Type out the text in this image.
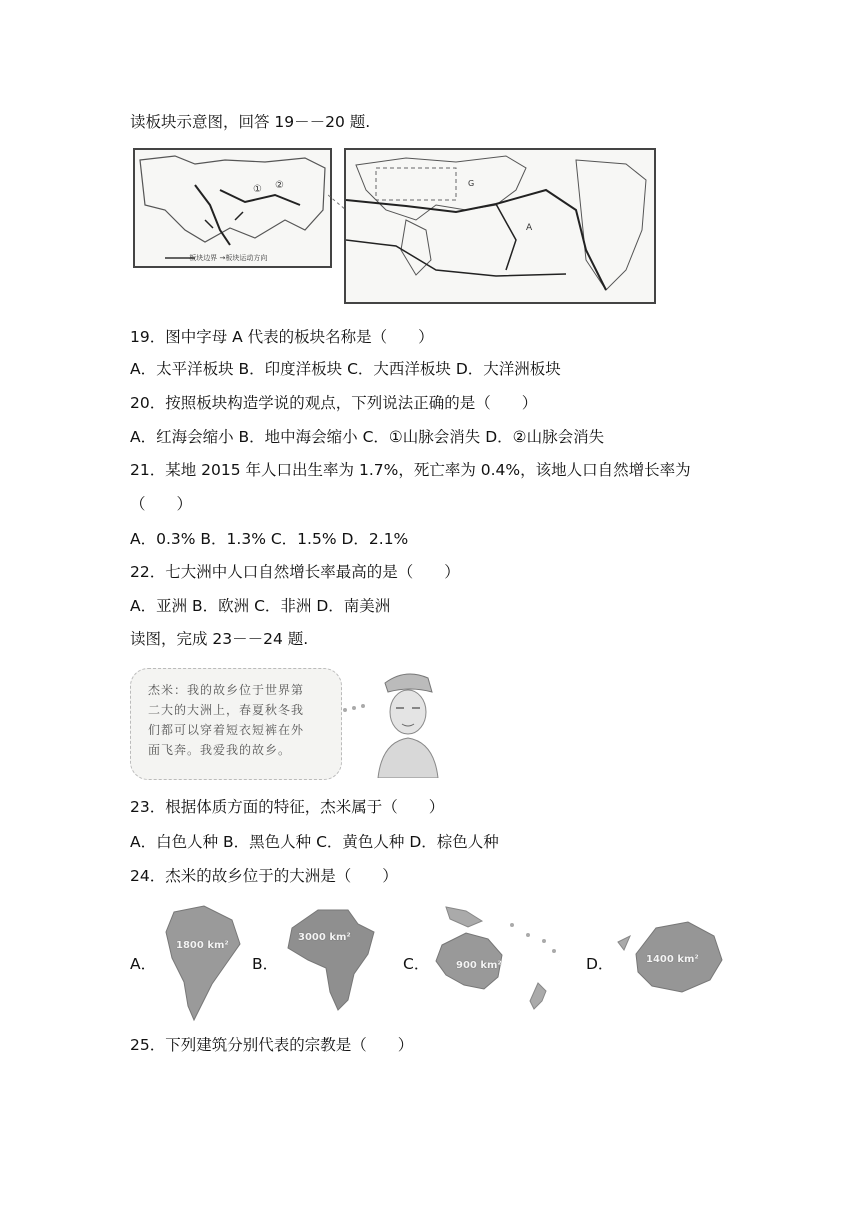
读板块示意图，回答 19－－20 题.
① ②
—— 板块边界 →板块运动方向
A
G
19．图中字母 A 代表的板块名称是（　　）
A．太平洋板块 B．印度洋板块 C．大西洋板块 D．大洋洲板块
20．按照板块构造学说的观点，下列说法正确的是（　　）
A．红海会缩小 B．地中海会缩小 C．①山脉会消失 D．②山脉会消失
21．某地 2015 年人口出生率为 1.7%，死亡率为 0.4%，该地人口自然增长率为
（　　）
A．0.3% B．1.3% C．1.5% D．2.1%
22．七大洲中人口自然增长率最高的是（　　）
A．亚洲 B．欧洲 C．非洲 D．南美洲
读图，完成 23－－24 题.
杰米：我的故乡位于世界第
二大的大洲上，春夏秋冬我
们都可以穿着短衣短裤在外
面飞奔。我爱我的故乡。
23．根据体质方面的特征，杰米属于（　　）
A．白色人种 B．黑色人种 C．黄色人种 D．棕色人种
24．杰米的故乡位于的大洲是（　　）
A．
1800 km²
B．
3000 km²
C．	900 km²	D．	1400 km²
25．下列建筑分别代表的宗教是（　　）
